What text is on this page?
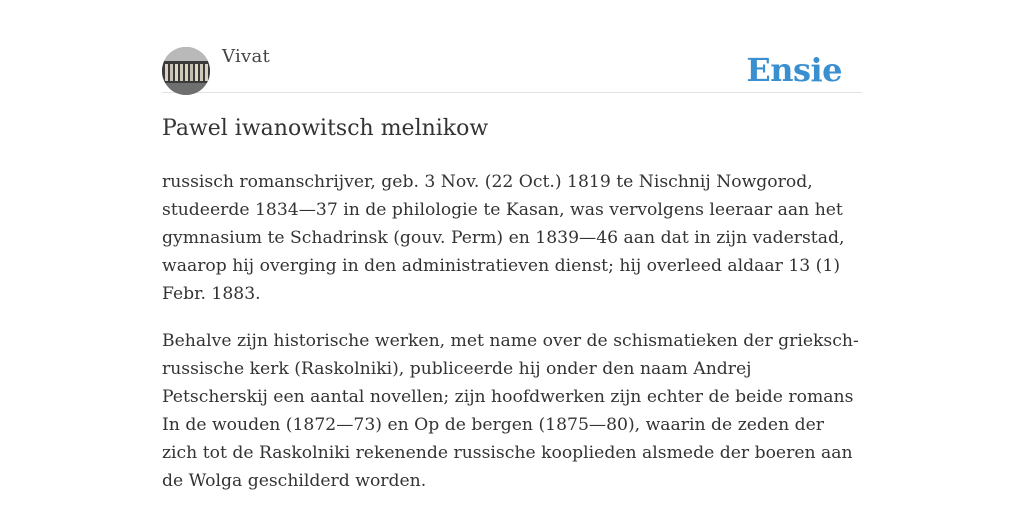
Vivat	Ensie
Pawel iwanowitsch melnikow

russisch romanschrijver, geb. 3 Nov. (22 Oct.) 1819 te Nischnij Nowgorod, studeerde 1834—37 in de philologie te Kasan, was vervolgens leeraar aan het gymnasium te Schadrinsk (gouv. Perm) en 1839—46 aan dat in zijn vaderstad, waarop hij overging in den administratieven dienst; hij overleed aldaar 13 (1) Febr. 1883.

Behalve zijn historische werken, met name over de schismatieken der grieksch-russische kerk (Raskolniki), publiceerde hij onder den naam Andrej Petscherskij een aantal novellen; zijn hoofdwerken zijn echter de beide romans In de wouden (1872—73) en Op de bergen (1875—80), waarin de zeden der zich tot de Raskolniki rekenende russische kooplieden alsmede der boeren aan de Wolga geschilderd worden.
